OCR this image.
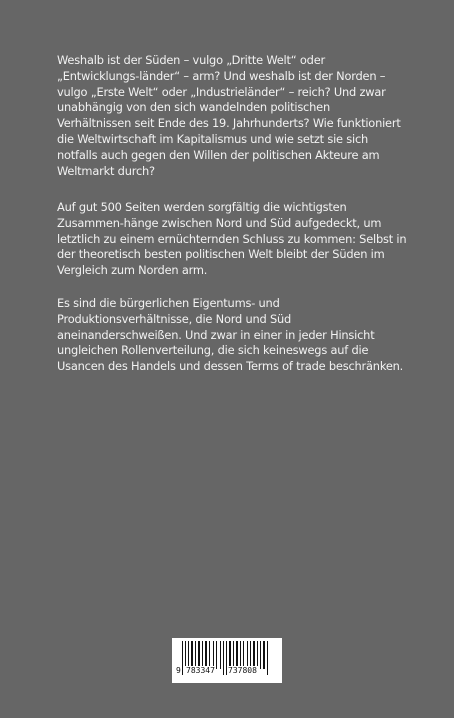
Weshalb ist der Süden – vulgo „Dritte Welt“ oder „Entwicklungs-länder“ – arm? Und weshalb ist der Norden – vulgo „Erste Welt“ oder „Industrieländer“ – reich? Und zwar unabhängig von den sich wandelnden politischen Verhältnissen seit Ende des 19. Jahrhunderts? Wie funktioniert die Weltwirtschaft im Kapitalismus und wie setzt sie sich notfalls auch gegen den Willen der politischen Akteure am Weltmarkt durch?

Auf gut 500 Seiten werden sorgfältig die wichtigsten Zusammen-hänge zwischen Nord und Süd aufgedeckt, um letztlich zu einem ernüchternden Schluss zu kommen: Selbst in der theoretisch besten politischen Welt bleibt der Süden im Vergleich zum Norden arm.

Es sind die bürgerlichen Eigentums- und Produktionsverhältnisse, die Nord und Süd aneinanderschweißen. Und zwar in einer in jeder Hinsicht ungleichen Rollenverteilung, die sich keineswegs auf die Usancen des Handels und dessen Terms of trade beschränken.

9 783347 737808
